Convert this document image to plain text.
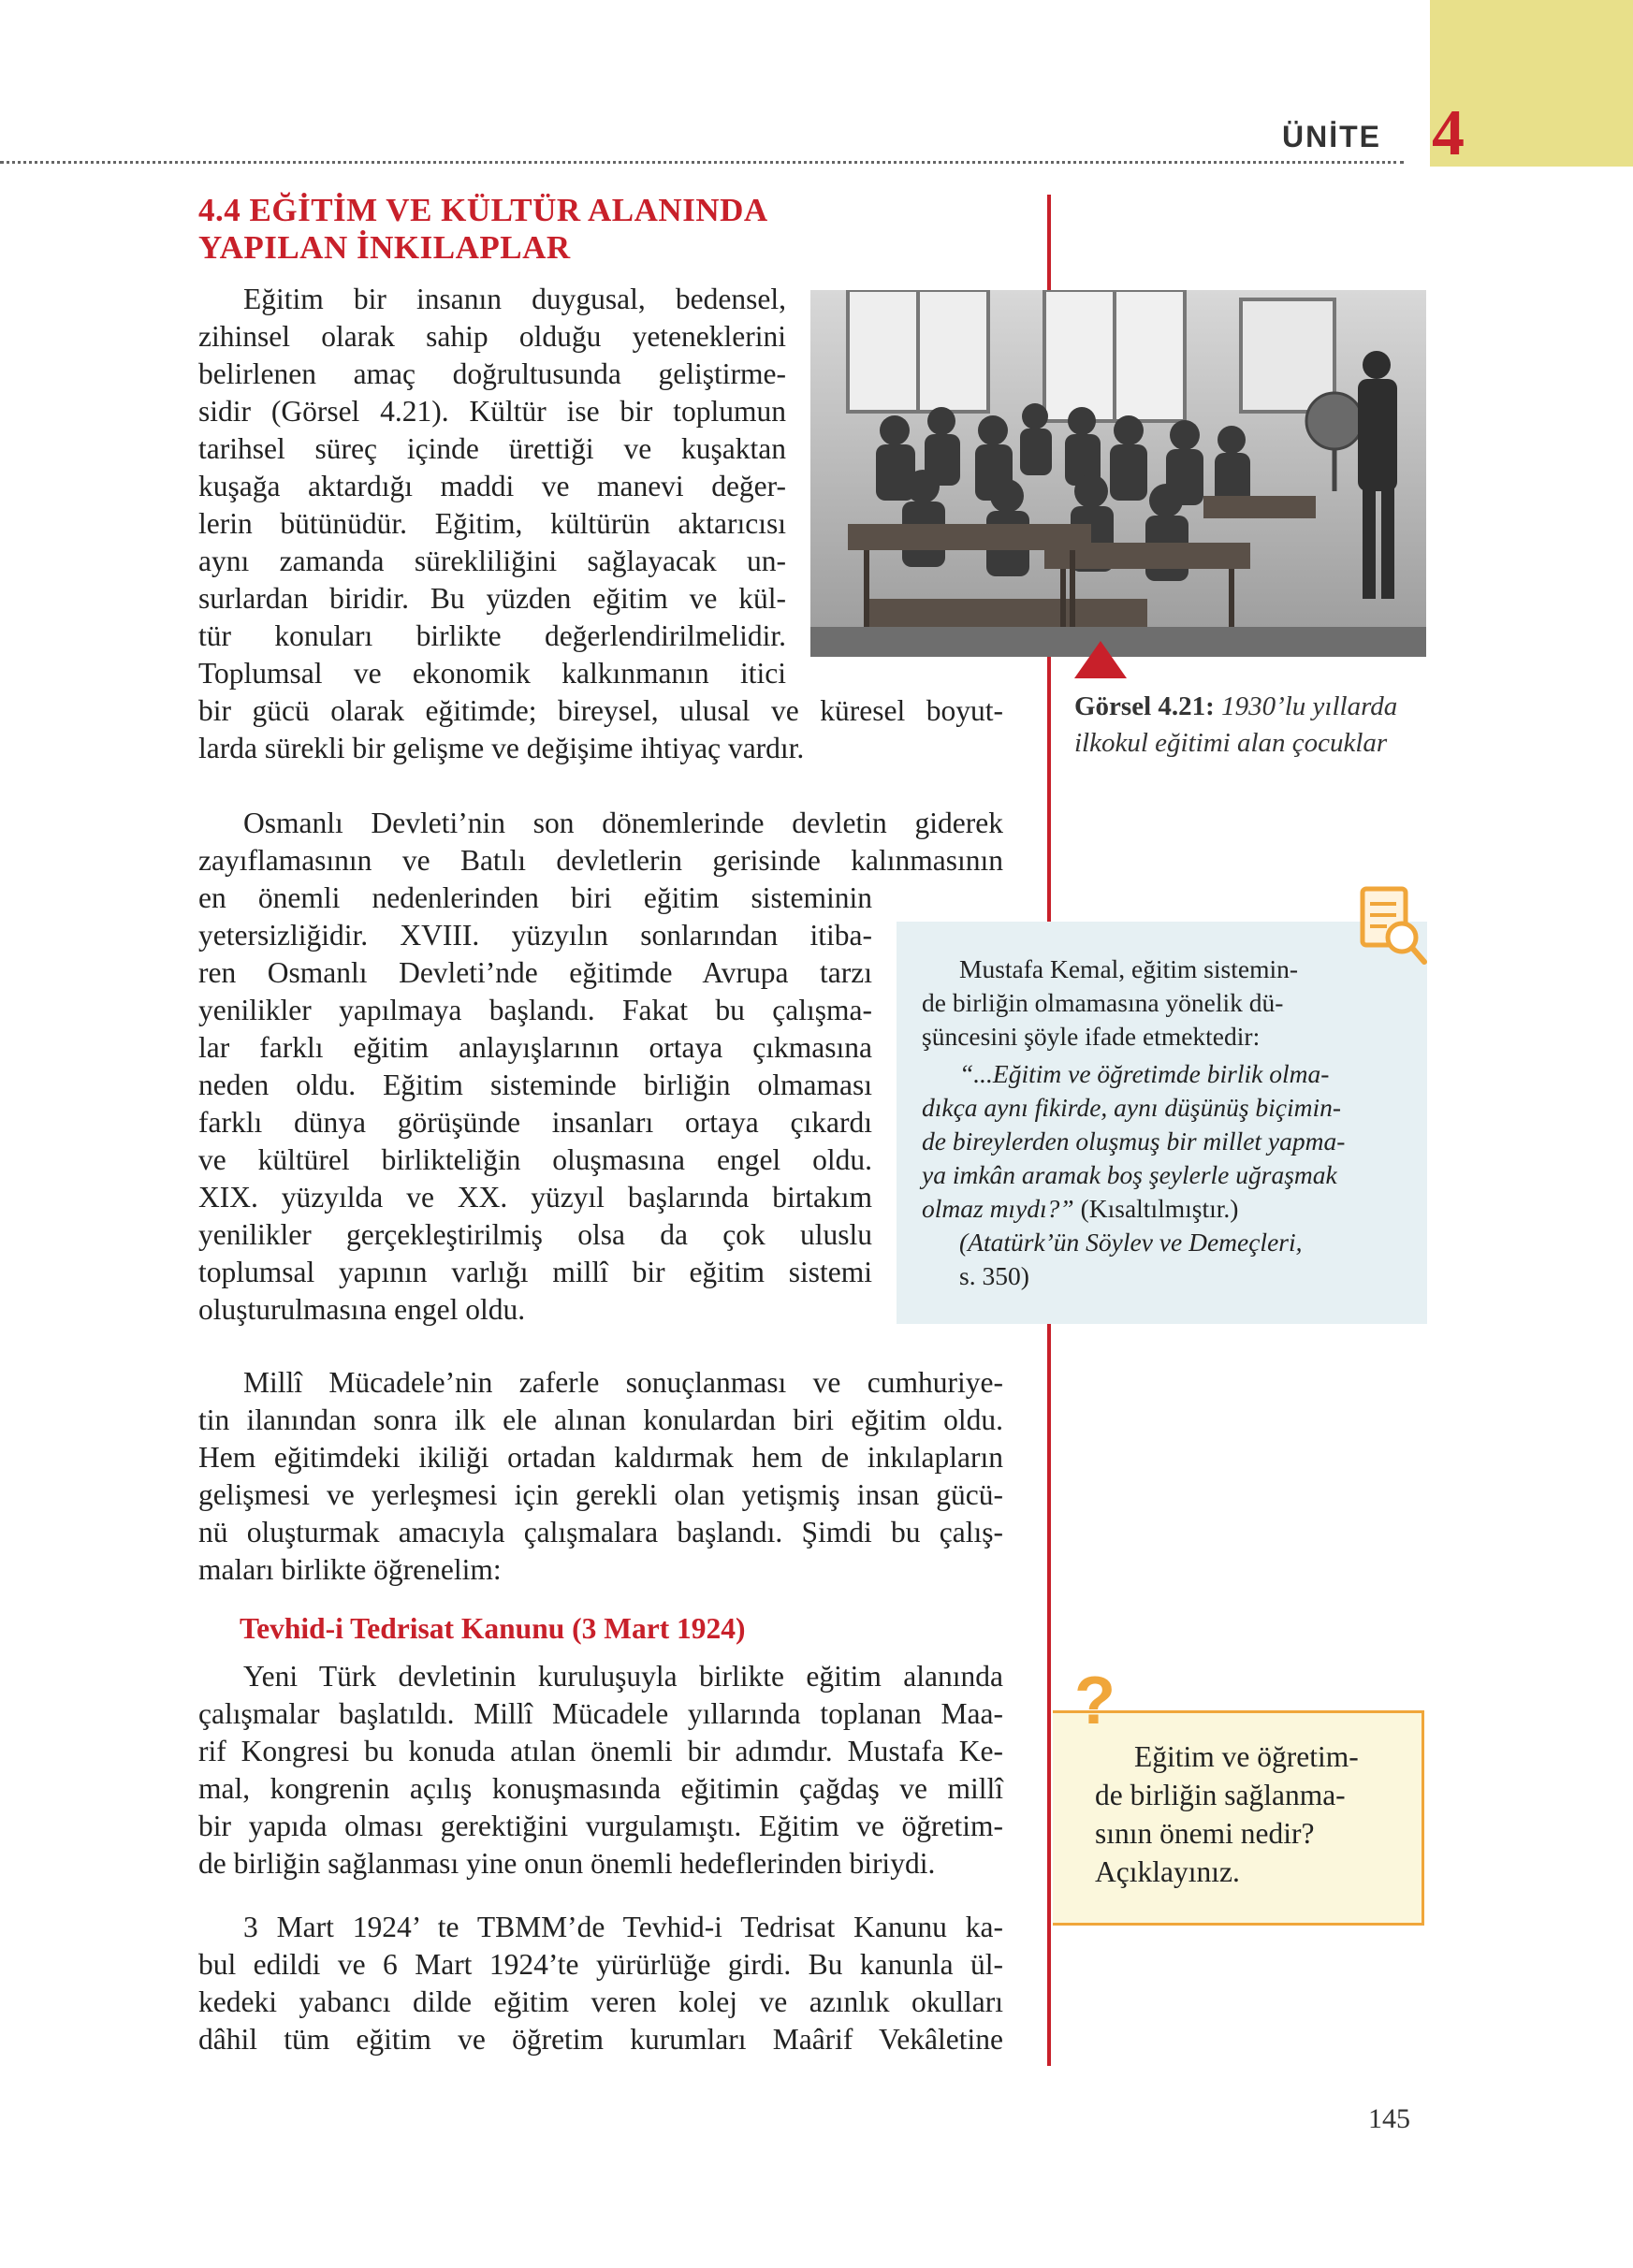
ÜNİTE 4
4.4 EĞİTİM VE KÜLTÜR ALANINDA
YAPILAN İNKILAPLAR
Eğitim bir insanın duygusal, bedensel,
zihinsel olarak sahip olduğu yeteneklerini
belirlenen amaç doğrultusunda geliştirme-
sidir (Görsel 4.21). Kültür ise bir toplumun
tarihsel süreç içinde ürettiği ve kuşaktan
kuşağa aktardığı maddi ve manevi değer-
lerin bütünüdür. Eğitim, kültürün aktarıcısı
aynı zamanda sürekliliğini sağlayacak un-
surlardan biridir. Bu yüzden eğitim ve kül-
tür konuları birlikte değerlendirilmelidir.
Toplumsal ve ekonomik kalkınmanın itici
bir gücü olarak eğitimde; bireysel, ulusal ve küresel boyut-
larda sürekli bir gelişme ve değişime ihtiyaç vardır.
Görsel 4.21: 1930’lu yıllarda ilkokul eğitimi alan çocuklar
Osmanlı Devleti’nin son dönemlerinde devletin giderek
zayıflamasının ve Batılı devletlerin gerisinde kalınmasının
en önemli nedenlerinden biri eğitim sisteminin
yetersizliğidir. XVIII. yüzyılın sonlarından itiba-
ren Osmanlı Devleti’nde eğitimde Avrupa tarzı
yenilikler yapılmaya başlandı. Fakat bu çalışma-
lar farklı eğitim anlayışlarının ortaya çıkmasına
neden oldu. Eğitim sisteminde birliğin olmaması
farklı dünya görüşünde insanları ortaya çıkardı
ve kültürel birlikteliğin oluşmasına engel oldu.
XIX. yüzyılda ve XX. yüzyıl başlarında birtakım
yenilikler gerçekleştirilmiş olsa da çok uluslu
toplumsal yapının varlığı millî bir eğitim sistemi
oluşturulmasına engel oldu.
Mustafa Kemal, eğitim sistemin-
de birliğin olmamasına yönelik dü-
şüncesini şöyle ifade etmektedir:
“...Eğitim ve öğretimde birlik olma-
dıkça aynı fikirde, aynı düşünüş biçimin-
de bireylerden oluşmuş bir millet yapma-
ya imkân aramak boş şeylerle uğraşmak
olmaz mıydı?” (Kısaltılmıştır.)
(Atatürk’ün Söylev ve Demeçleri,
s. 350)
Millî Mücadele’nin zaferle sonuçlanması ve cumhuriye-
tin ilanından sonra ilk ele alınan konulardan biri eğitim oldu.
Hem eğitimdeki ikiliği ortadan kaldırmak hem de inkılapların
gelişmesi ve yerleşmesi için gerekli olan yetişmiş insan gücü-
nü oluşturmak amacıyla çalışmalara başlandı. Şimdi bu çalış-
maları birlikte öğrenelim:
Tevhid-i Tedrisat Kanunu (3 Mart 1924)
Yeni Türk devletinin kuruluşuyla birlikte eğitim alanında
çalışmalar başlatıldı. Millî Mücadele yıllarında toplanan Maa-
rif Kongresi bu konuda atılan önemli bir adımdır. Mustafa Ke-
mal, kongrenin açılış konuşmasında eğitimin çağdaş ve millî
bir yapıda olması gerektiğini vurgulamıştı. Eğitim ve öğretim-
de birliğin sağlanması yine onun önemli hedeflerinden biriydi.
3 Mart 1924’ te TBMM’de Tevhid-i Tedrisat Kanunu ka-
bul edildi ve 6 Mart 1924’te yürürlüğe girdi. Bu kanunla ül-
kedeki yabancı dilde eğitim veren kolej ve azınlık okulları
dâhil tüm eğitim ve öğretim kurumları Maârif Vekâletine
?
Eğitim ve öğretim-
de birliğin sağlanma-
sının önemi nedir?
Açıklayınız.
145
